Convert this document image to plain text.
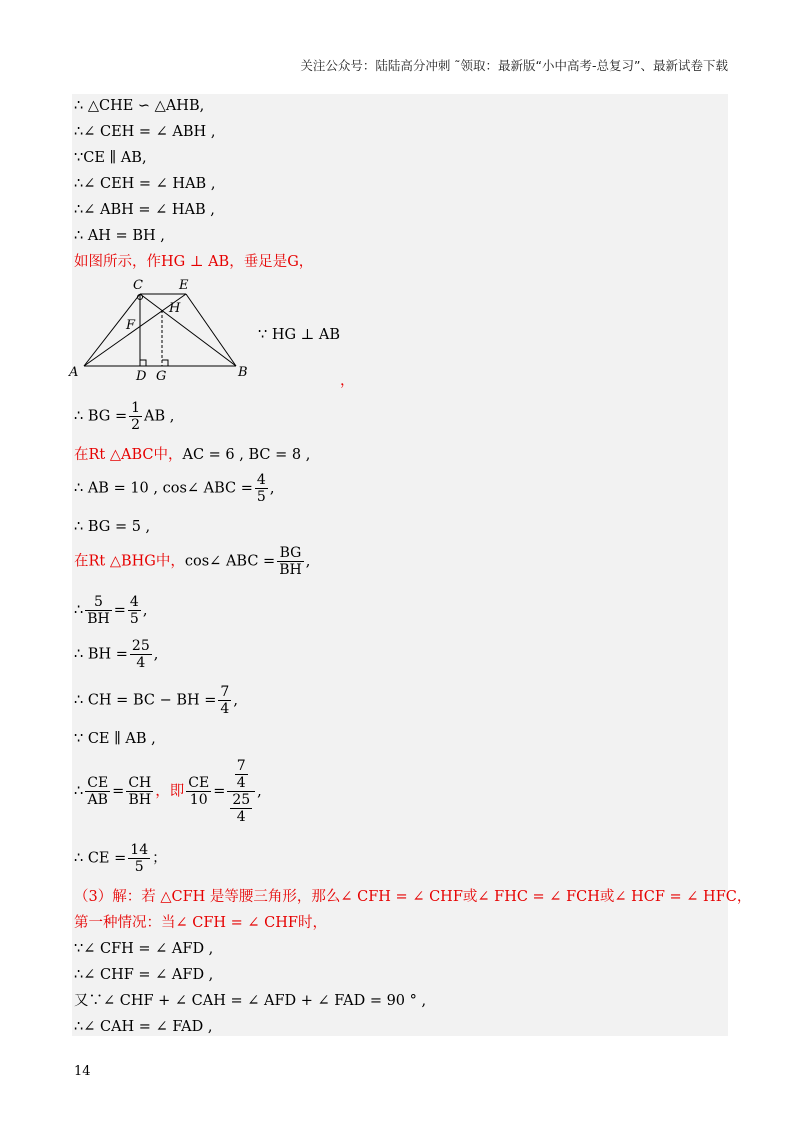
关注公众号：陆陆高分冲刺 ˜领取：最新版“小中高考-总复习”、最新试卷下载
∴ △CHE ∽ △AHB,
∴∠ CEH = ∠ ABH ,
∵CE ∥ AB,
∴∠ CEH = ∠ HAB ,
∴∠ ABH = ∠ HAB ,
∴ AH = BH ,
如图所示，作HG ⊥ AB，垂足是G，
A	B
C
D
E
F
G
H
∵ HG ⊥ AB
，
∴ BG = $\frac{1}{2}$ AB ,
在Rt △ABC中，AC = 6 , BC = 8 ,
∴ AB = 10 , cos∠ ABC = $\frac{4}{5}$ ,
∴ BG = 5 ,
在Rt △BHG中，cos∠ ABC = $\frac{BG}{BH}$ ,
∴ $\frac{5}{BH} = \frac{4}{5}$ ,
∴ BH = $\frac{25}{4}$ ,
∴ CH = BC − BH = $\frac{7}{4}$ ,
∵ CE ∥ AB ,
∴ $\frac{CE}{AB} = \frac{CH}{BH}$ ，即 $\frac{CE}{10} = \frac{\frac{7}{4}}{\frac{25}{4}}$ ,
∴ CE = $\frac{14}{5}$ ；
（3）解：若 △CFH 是等腰三角形，那么∠ CFH = ∠ CHF或∠ FHC = ∠ FCH或∠ HCF = ∠ HFC，
第一种情况：当∠ CFH = ∠ CHF时，
∵∠ CFH = ∠ AFD ,
∴∠ CHF = ∠ AFD ,
又∵∠ CHF + ∠ CAH = ∠ AFD + ∠ FAD = 90 ° ,
∴∠ CAH = ∠ FAD ,
14
